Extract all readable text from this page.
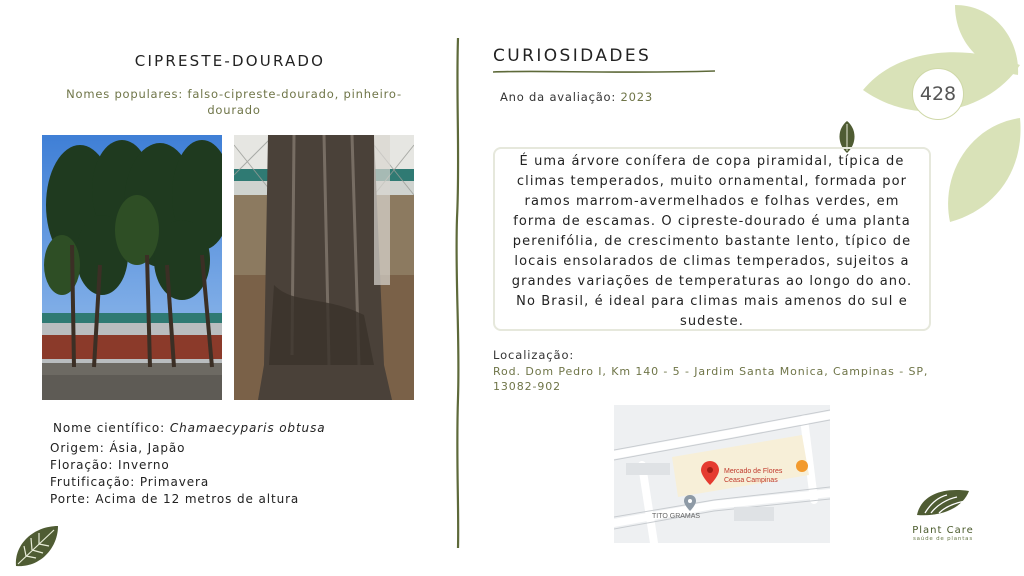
428
CIPRESTE-DOURADO
Nomes populares: falso-cipreste-dourado, pinheiro-dourado
Nome científico: Chamaecyparis obtusa
Origem: Ásia, Japão
Floração: Inverno
Frutificação: Primavera
Porte: Acima de 12 metros de altura
CURIOSIDADES
Ano da avaliação: 2023
É uma árvore conífera de copa piramidal, típica de climas temperados, muito ornamental, formada por ramos marrom-avermelhados e folhas verdes, em forma de escamas. O cipreste-dourado é uma planta perenifólia, de crescimento bastante lento, típico de locais ensolarados de climas temperados, sujeitos a grandes variações de temperaturas ao longo do ano. No Brasil, é ideal para climas mais amenos do sul e sudeste.
Localização:
Rod. Dom Pedro I, Km 140 - 5 - Jardim Santa Monica, Campinas - SP, 13082-902
Mercado de Flores
Ceasa Campinas
TITO GRAMAS
Plant Care
saúde de plantas
